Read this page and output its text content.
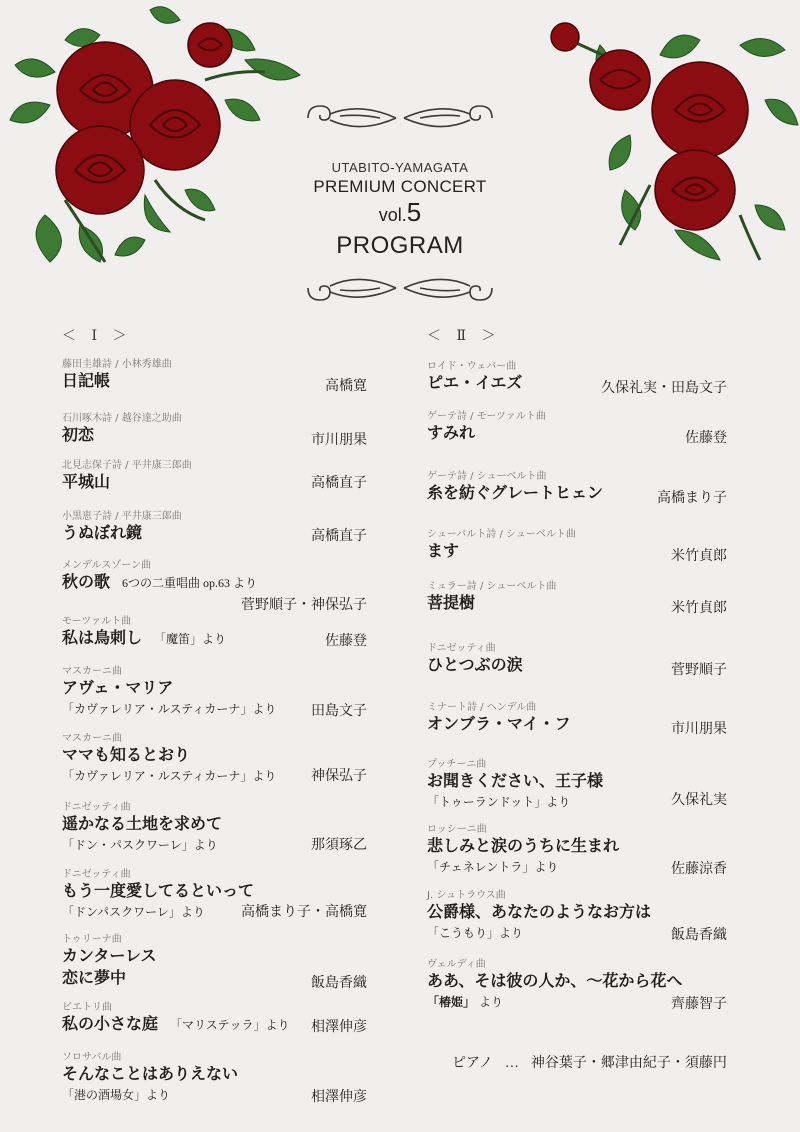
UTABITO-YAMAGATA
PREMIUM CONCERT
vol.5
PROGRAM
＜ Ⅰ ＞
藤田圭雄詩 / 小林秀雄曲
日記帳	高橋寛
石川啄木詩 / 越谷達之助曲
初恋	市川朋果
北見志保子詩 / 平井康三郎曲
平城山	高橋直子
小黒恵子詩 / 平井康三郎曲
うぬぼれ鏡	高橋直子
メンデルスゾーン曲
秋の歌 6つの二重唱曲 op.63 より
菅野順子・神保弘子
モーツァルト曲
私は鳥刺し 「魔笛」より	佐藤登
マスカーニ曲
アヴェ・マリア
「カヴァレリア・ルスティカーナ」より 田島文子
マスカーニ曲
ママも知るとおり
「カヴァレリア・ルスティカーナ」より 神保弘子
ドニゼッティ曲
遥かなる土地を求めて
「ドン・パスクワーレ」より	那須琢乙
ドニゼッティ曲
もう一度愛してるといって
「ドンパスクワーレ」より	高橋まり子・高橋寛
トゥリーナ曲
カンターレス
恋に夢中	飯島香織
ビエトリ曲
私の小さな庭 「マリステッラ」より 相澤伸彦
ソロサバル曲
そんなことはありえない
「港の酒場女」より	相澤伸彦
＜ Ⅱ ＞
ロイド・ウェバー曲
ピエ・イエズ	久保礼実・田島文子
ゲーテ詩 / モーツァルト曲
すみれ	佐藤登
ゲーテ詩 / シューベルト曲
糸を紡ぐグレートヒェン	高橋まり子
シューバルト詩 / シューベルト曲
ます	米竹貞郎
ミュラー詩 / シューベルト曲
菩提樹	米竹貞郎
ドニゼッティ曲
ひとつぶの涙	菅野順子
ミナート詩 / ヘンデル曲
オンブラ・マイ・フ	市川朋果
プッチーニ曲
お聞きください、王子様
「トゥーランドット」より	久保礼実
ロッシーニ曲
悲しみと涙のうちに生まれ
「チェネレントラ」より	佐藤涼香
J. シュトラウス曲
公爵様、あなたのようなお方は
「こうもり」より	飯島香織
ヴェルディ曲
ああ、そは彼の人か、～花から花へ
「椿姫」 より	齊藤智子
ピアノ … 神谷葉子・郷津由紀子・須藤円
